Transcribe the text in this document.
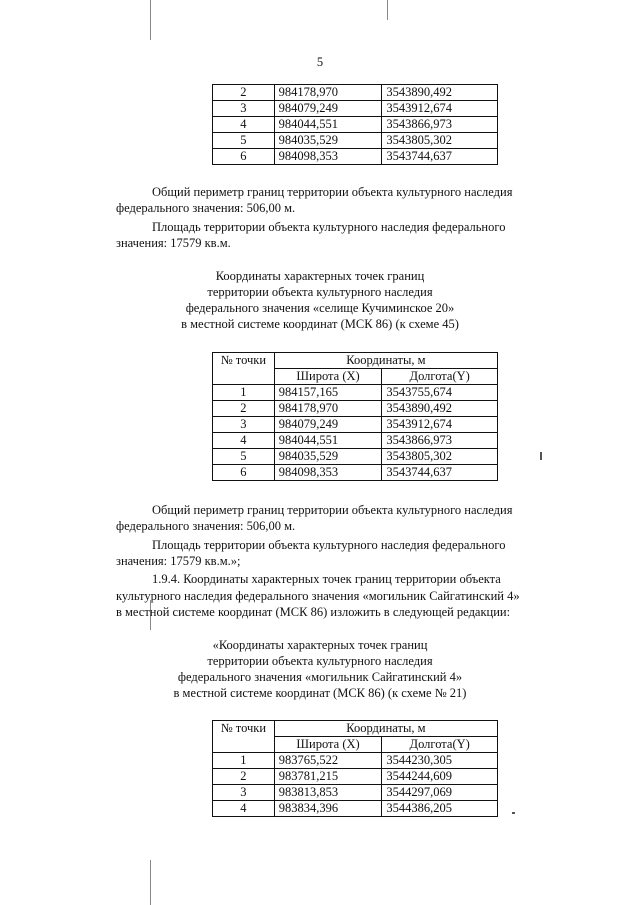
5
2	984178,970	3543890,492
3	984079,249	3543912,674
4	984044,551	3543866,973
5	984035,529	3543805,302
6	984098,353	3543744,637

Общий периметр границ территории объекта культурного наследия

федерального значения: 506,00 м.

Площадь территории объекта культурного наследия федерального

значения: 17579 кв.м.

Координаты характерных точек границ
территории объекта культурного наследия
федерального значения «селище Кучиминское 20»
в местной системе координат (МСК 86) (к схеме 45)
№ точки	Координаты, м	
	Широта (X)	Долгота(Y)
1	984157,165	3543755,674
2	984178,970	3543890,492
3	984079,249	3543912,674
4	984044,551	3543866,973
5	984035,529	3543805,302
6	984098,353	3543744,637

Общий периметр границ территории объекта культурного наследия

федерального значения: 506,00 м.

Площадь территории объекта культурного наследия федерального

значения: 17579 кв.м.»;

1.9.4. Координаты характерных точек границ территории объекта

культурного наследия федерального значения «могильник Сайгатинский 4»
в местной системе координат (МСК 86) изложить в следующей редакции:

«Координаты характерных точек границ
территории объекта культурного наследия
федерального значения «могильник Сайгатинский 4»
в местной системе координат (МСК 86) (к схеме № 21)
№ точки	Координаты, м	
	Широта (X)	Долгота(Y)
1	983765,522	3544230,305
2	983781,215	3544244,609
3	983813,853	3544297,069
4	983834,396	3544386,205
